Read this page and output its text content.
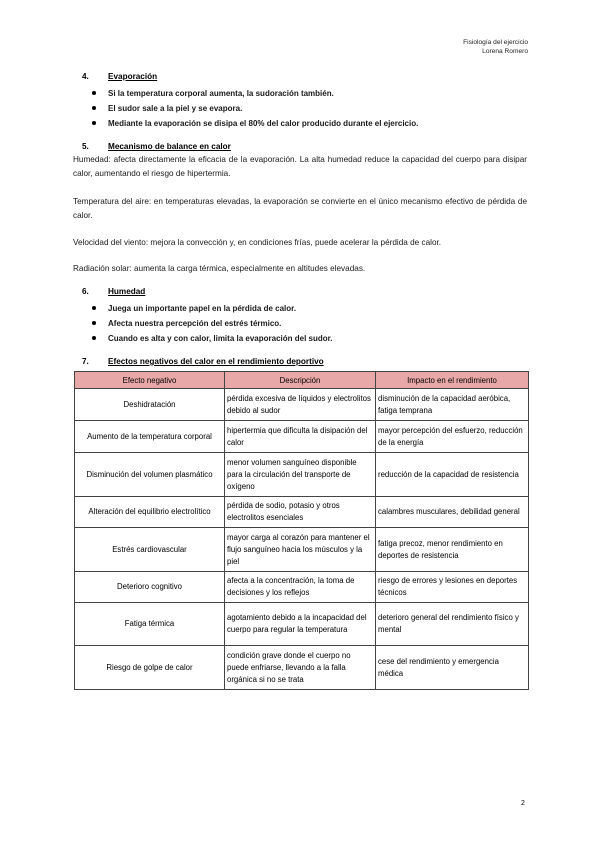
Fisiología del ejercicio
Lorena Romero
4. Evaporación
Si la temperatura corporal aumenta, la sudoración también.
El sudor sale a la piel y se evapora.
Mediante la evaporación se disipa el 80% del calor producido durante el ejercicio.
5. Mecanismo de balance en calor
Humedad: afecta directamente la eficacia de la evaporación. La alta humedad reduce la capacidad del cuerpo para disipar calor, aumentando el riesgo de hipertermia.
Temperatura del aire: en temperaturas elevadas, la evaporación se convierte en el único mecanismo efectivo de pérdida de calor.
Velocidad del viento: mejora la convección y, en condiciones frías, puede acelerar la pérdida de calor.
Radiación solar: aumenta la carga térmica, especialmente en altitudes elevadas.
6. Humedad
Juega un importante papel en la pérdida de calor.
Afecta nuestra percepción del estrés térmico.
Cuando es alta y con calor, limita la evaporación del sudor.
7. Efectos negativos del calor en el rendimiento deportivo
Efecto negativo	Descripción	Impacto en el rendimiento
Deshidratación	pérdida excesiva de líquidos y electrolitos debido al sudor	disminución de la capacidad aeróbica, fatiga temprana
Aumento de la temperatura corporal	hipertermia que dificulta la disipación del calor	mayor percepción del esfuerzo, reducción de la energía
Disminución del volumen plasmático	menor volumen sanguíneo disponible para la circulación del transporte de oxígeno	reducción de la capacidad de resistencia
Alteración del equilibrio electrolítico	pérdida de sodio, potasio y otros electrolitos esenciales	calambres musculares, debilidad general
Estrés cardiovascular	mayor carga al corazón para mantener el flujo sanguíneo hacia los músculos y la piel	fatiga precoz, menor rendimiento en deportes de resistencia
Deterioro cognitivo	afecta a la concentración, la toma de decisiones y los reflejos	riesgo de errores y lesiones en deportes técnicos
Fatiga térmica	agotamiento debido a la incapacidad del cuerpo para regular la temperatura	deterioro general del rendimiento físico y mental
Riesgo de golpe de calor	condición grave donde el cuerpo no puede enfriarse, llevando a la falla orgánica si no se trata	cese del rendimiento y emergencia médica
2
